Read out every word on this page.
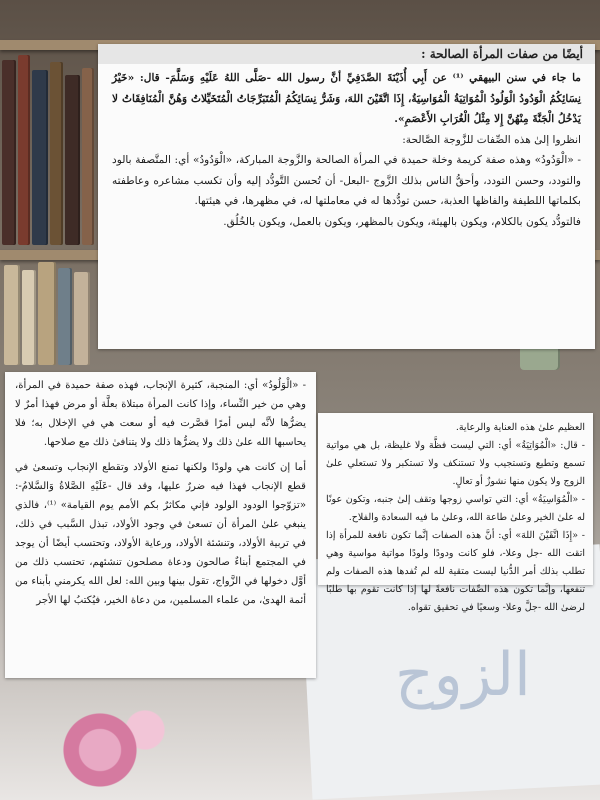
الزوج
أيضًا من صفات المرأة الصالحة :

ما جاء في سنن البيهقي ⁽¹⁾ عن أَبِي أُذَيْنَةَ الصَّدَفِيِّ أنَّ رسول الله -صَلَّى اللهُ عَلَيْهِ وَسَلَّمَ- قال: «خَيْرُ نِسَائِكُمُ الْوَدُودُ الْوَلُودُ الْمُوَاتِيَةُ الْمُوَاسِيَةُ، إِذَا اتَّقَيْنَ اللهَ، وَشَرُّ نِسَائِكُمُ الْمُتَبَرِّجَاتُ الْمُتَخَيِّلاتُ وَهُنَّ الْمُنَافِقَاتُ لا يَدْخُلُ الْجَنَّةَ مِنْهُنَّ إِلا مِثْلُ الْغُرَابِ الأَعْصَمِ».

انظروا إلىٰ هذه الصِّفات للزَّوجة الصَّالحة:

- «الْوَدُودُ» وهذه صفة كريمة وخلة حميدة في المرأة الصالحة والزَّوجة المباركة، «الْوَدُودُ» أي: المتَّصفة بالود والتودد، وحسن التودد، وأحقُّ الناس بذلك الزَّوج -البعل- أن تُحسن التَّودُّد إليه وأن تكسب مشاعره وعاطفته بكلماتها اللطيفة والفاظها العذبة، حسن تودُّدها له في معاملتها له، في مظهرها، في هيئتها.

فالتودُّد يكون بالكلام، ويكون بالهيئة، ويكون بالمظهر، ويكون بالعمل، ويكون بالخُلُق.

- «الْوَلُودُ» أي: المنجبة، كثيرة الإنجاب، فهذه صفة حميدة في المرأة، وهي من خير النِّساء، وإذا كانت المرأة مبتلاة بعلَّة أو مرض فهذا أمرٌ لا يضرُّها لأنَّه ليس أمرًا قصَّرت فيه أو سعت هي في الإخلال به؛ فلا يحاسبها الله علىٰ ذلك ولا يضرُّها ذلك ولا يتنافىٰ ذلك مع صلاحها.

أما إن كانت هي ولودًا ولكنها تمنع الأولاد وتقطع الإنجاب وتسعىٰ في قطع الإنجاب فهذا فيه ضررٌ عليها، وقد قال -عَلَيْهِ الصَّلاةُ وَالسَّلامُ-: «تزوّجوا الودود الولود فإني مكاثرٌ بكم الأمم يوم القيامة» ⁽¹⁾، فالذي ينبغي علىٰ المرأة أن تسعىٰ في وجود الأولاد، تبذل السَّبب في ذلك، في تربية الأولاد، وتنشئة الأولاد، ورعاية الأولاد، وتحتسب أيضًا أن يوجد في المجتمع أبناءٌ صالحون ودعاة مصلحون تنشئهم، تحتسب ذلك من أوَّل دخولها في الزَّواج، تقول بينها وبين الله: لعل الله يكرمني بأبناء من أئمة الهدىٰ، من علماء المسلمين، من دعاة الخير، فيُكتبُ لها الأجر

العظيم علىٰ هذه العناية والرعاية.

- قال: «الْمُوَاتِيَةُ» أي: التي ليست فظَّة ولا غليظة، بل هي مواتية تسمع وتطيع وتستجيب ولا تستنكف ولا تستكبر ولا تستعلي علىٰ الزوج ولا يكون منها نشوزٌ أو تعالٍ.

- «الْمُوَاسِيَةُ» أي: التي تواسي زوجها وتقف إلىٰ جنبه، وتكون عونًا له علىٰ الخير وعلىٰ طاعة الله، وعلىٰ ما فيه السعادة والفلاح.

- «إِذَا اتَّقَيْنَ اللهَ» أي: أنَّ هذه الصفات إنَّما تكون نافعة للمرأة إذا اتقت الله -جل وعلا-، فلو كانت ودودًا ولودًا مواتية مواسية وهي تطلب بذلك أمر الدُّنيا ليست متقية لله لم تُفدها هذه الصفات ولم تنفعها، وإنَّما تكون هذه الصِّفات نافعةً لها إذا كانت تقوم بها طلبًا لرضىٰ الله -جلَّ وعلا- وسعيًا في تحقيق تقواه.
